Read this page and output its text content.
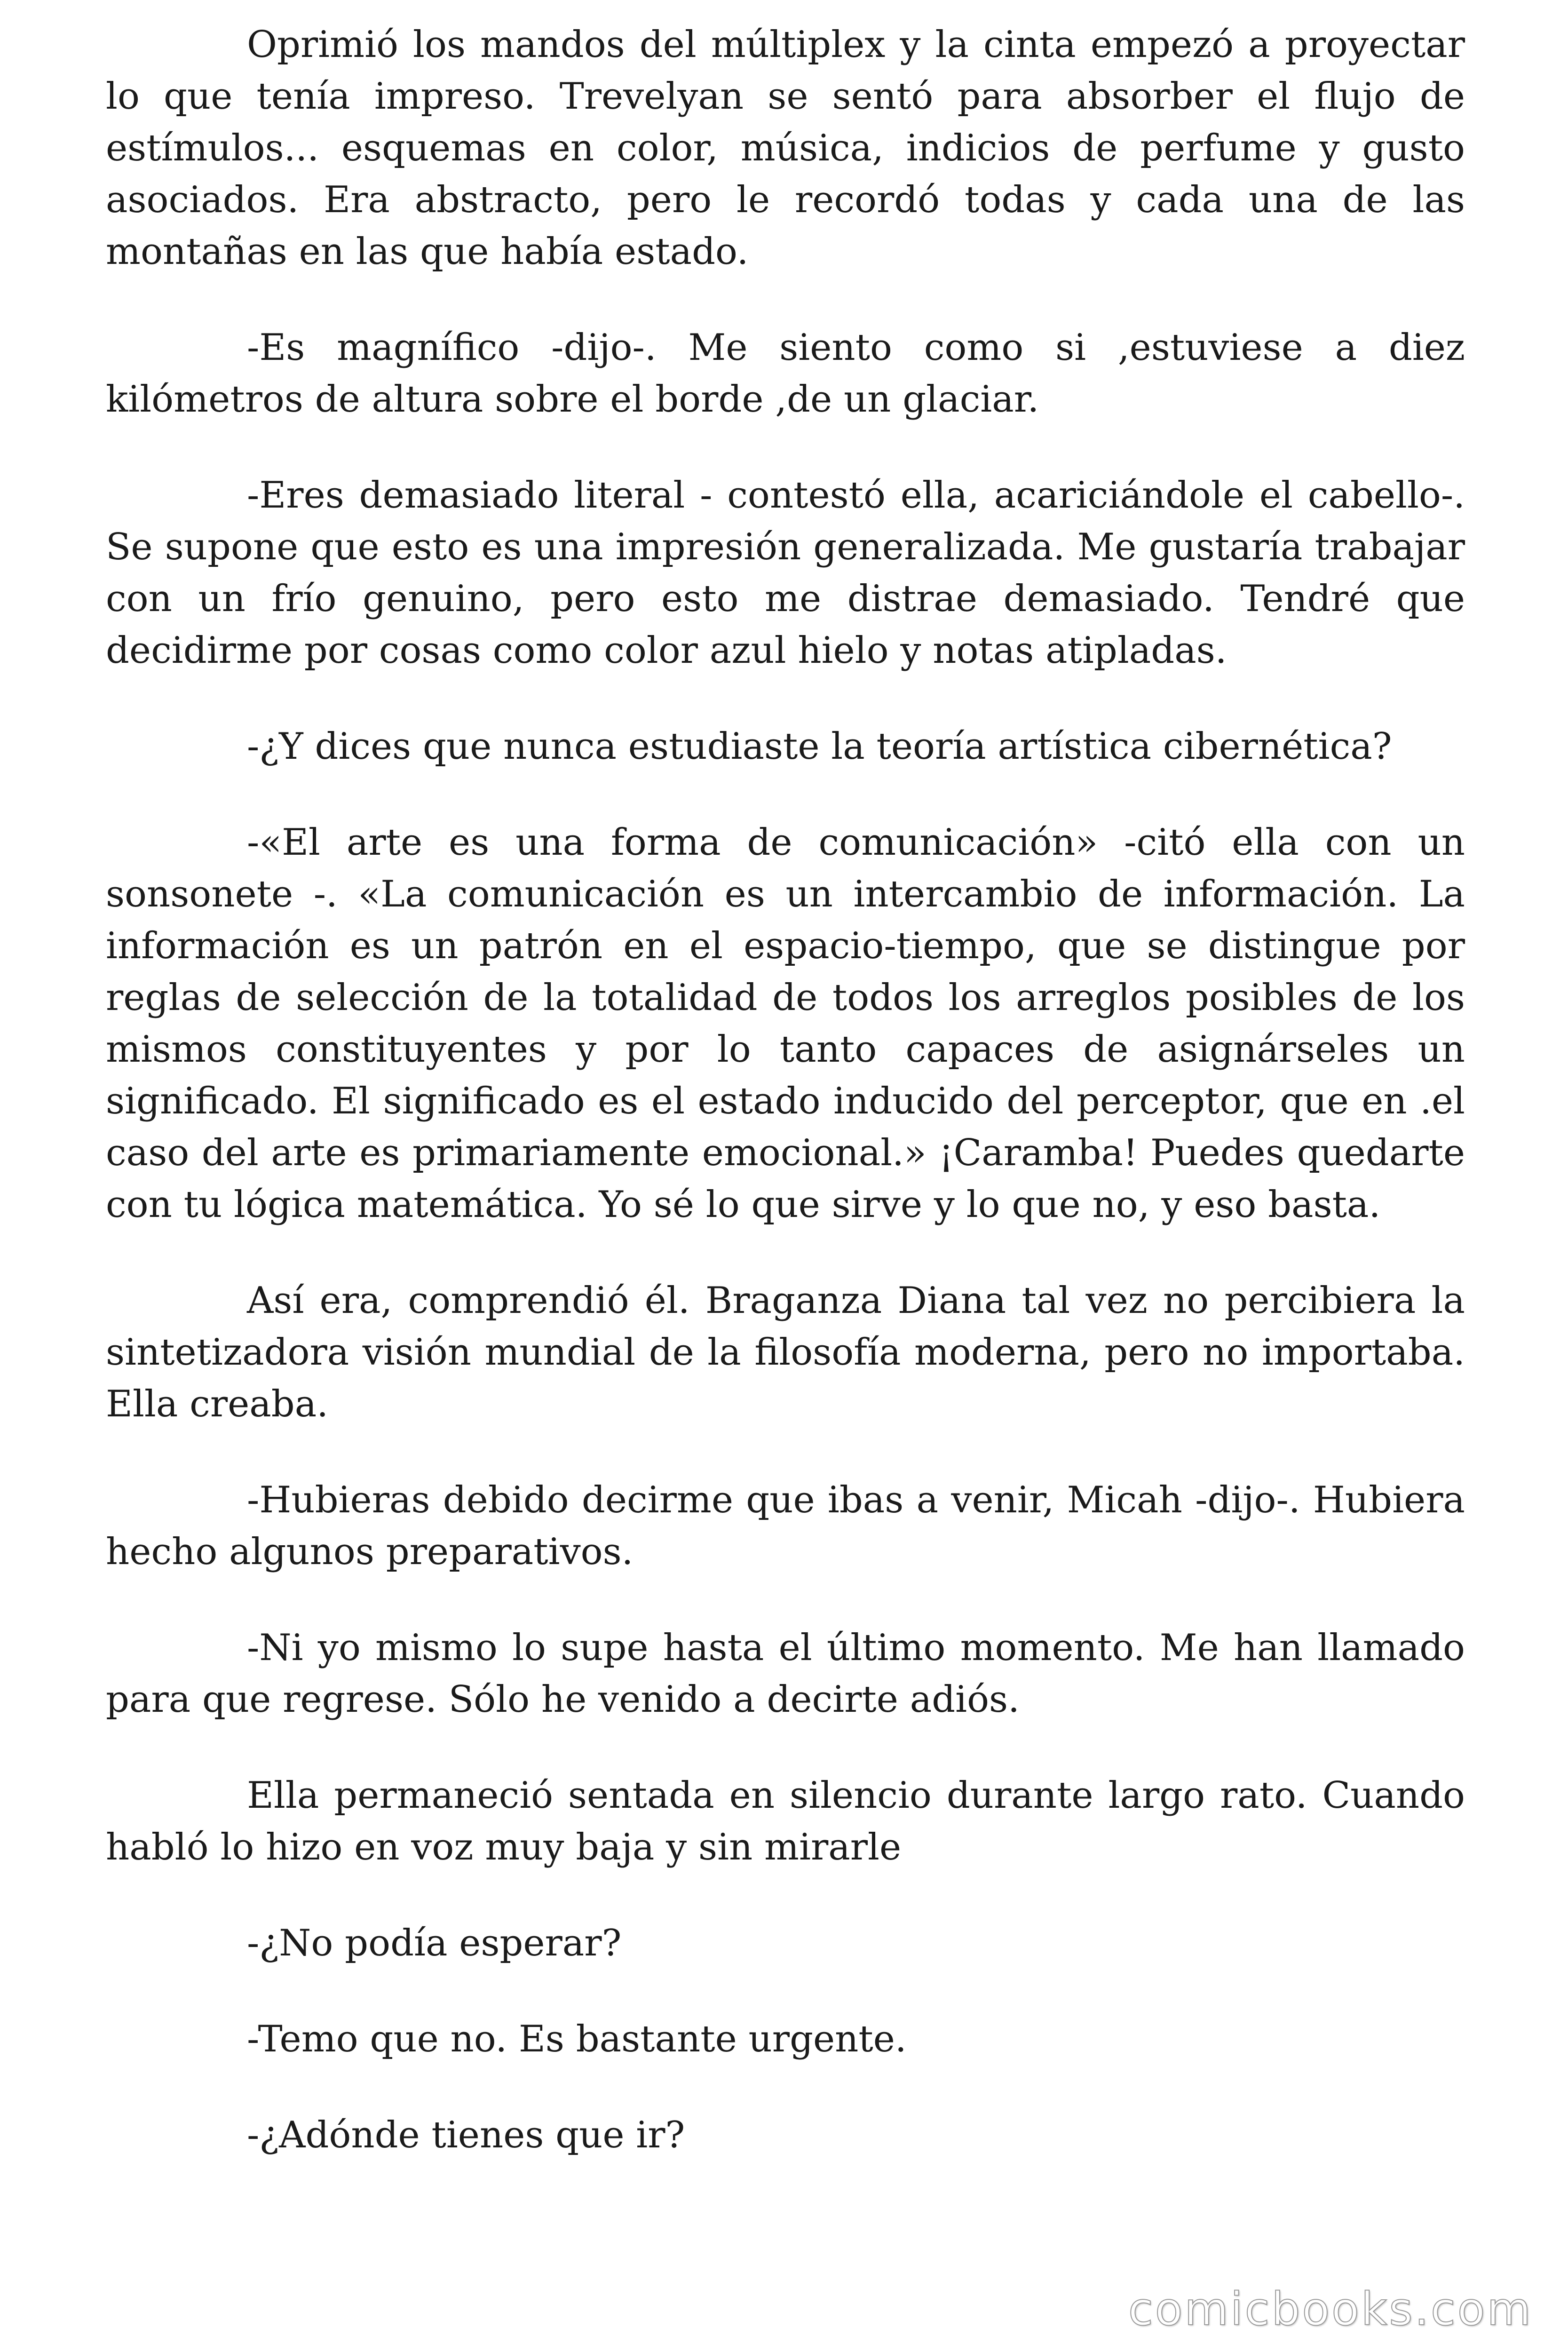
Oprimió los mandos del múltiplex y la cinta empezó a proyectar lo que tenía impreso. Trevelyan se sentó para absorber el flujo de estímulos... esquemas en color, música, indicios de perfume y gusto asociados. Era abstracto, pero le recordó todas y cada una de las montañas en las que había estado.

-Es magnífico -dijo-. Me siento como si ,estuviese a diez kilómetros de altura sobre el borde ,de un glaciar.

-Eres demasiado literal - contestó ella, acariciándole el cabello-. Se supone que esto es una impresión generalizada. Me gustaría trabajar con un frío genuino, pero esto me distrae demasiado. Tendré que decidirme por cosas como color azul hielo y notas atipladas.

-¿Y dices que nunca estudiaste la teoría artística cibernética?

-«El arte es una forma de comunicación» -citó ella con un sonsonete -. «La comunicación es un intercambio de información. La información es un patrón en el espacio-tiempo, que se distingue por reglas de selección de la totalidad de todos los arreglos posibles de los mismos constituyentes y por lo tanto capaces de asignárseles un significado. El significado es el estado inducido del perceptor, que en .el caso del arte es primariamente emocional.» ¡Caramba! Puedes quedarte con tu lógica matemática. Yo sé lo que sirve y lo que no, y eso basta.

Así era, comprendió él. Braganza Diana tal vez no percibiera la sintetizadora visión mundial de la filosofía moderna, pero no importaba. Ella creaba.

-Hubieras debido decirme que ibas a venir, Micah -dijo-. Hubiera hecho algunos preparativos.

-Ni yo mismo lo supe hasta el último momento. Me han llamado para que regrese. Sólo he venido a decirte adiós.

Ella permaneció sentada en silencio durante largo rato. Cuando habló lo hizo en voz muy baja y sin mirarle

-¿No podía esperar?

-Temo que no. Es bastante urgente.

-¿Adónde tienes que ir?

comicbooks.com
